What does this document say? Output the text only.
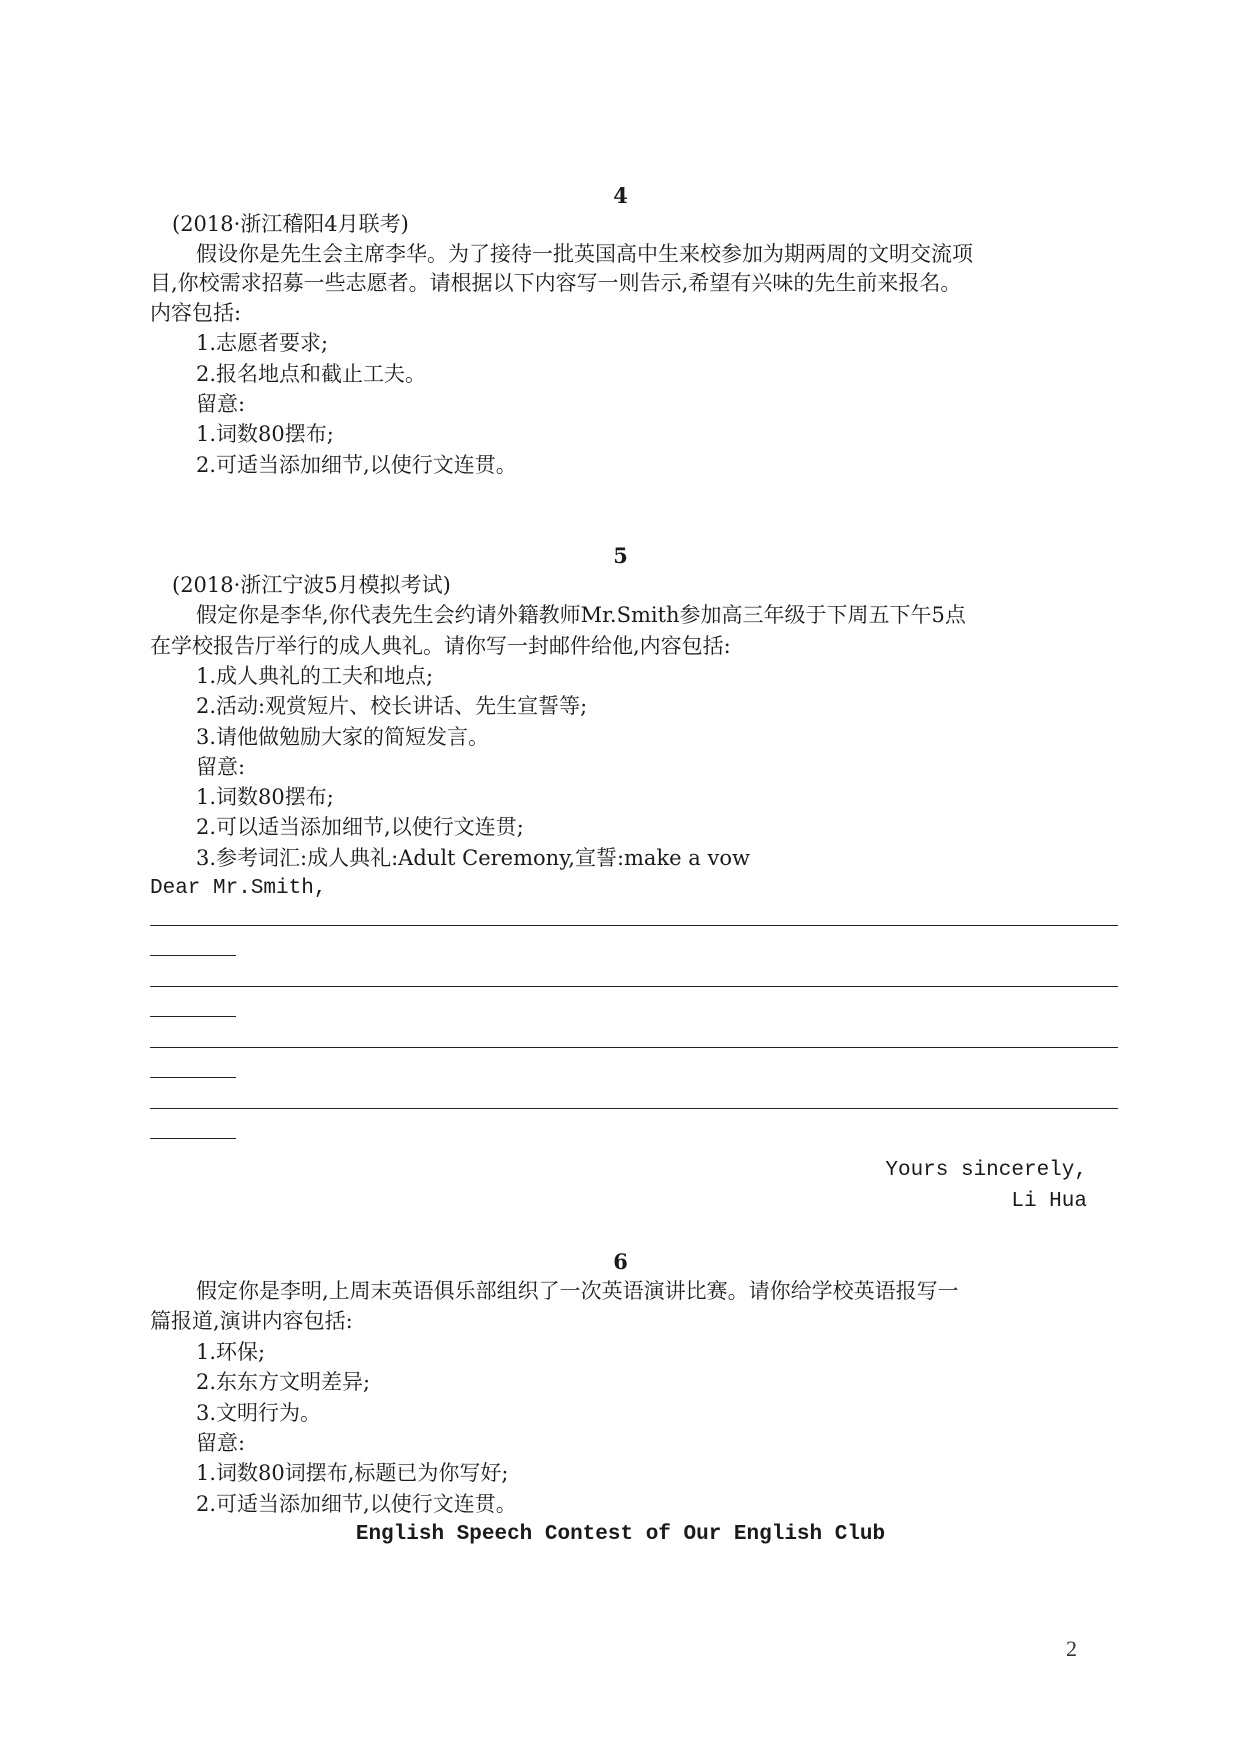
4
(2018·浙江稽阳4月联考)
假设你是先生会主席李华。为了接待一批英国高中生来校参加为期两周的文明交流项
目,你校需求招募一些志愿者。请根据以下内容写一则告示,希望有兴味的先生前来报名。
内容包括:
1.志愿者要求;
2.报名地点和截止工夫。
留意:
1.词数80摆布;
2.可适当添加细节,以使行文连贯。
5
(2018·浙江宁波5月模拟考试)
假定你是李华,你代表先生会约请外籍教师Mr.Smith参加高三年级于下周五下午5点
在学校报告厅举行的成人典礼。请你写一封邮件给他,内容包括:
1.成人典礼的工夫和地点;
2.活动:观赏短片、校长讲话、先生宣誓等;
3.请他做勉励大家的简短发言。
留意:
1.词数80摆布;
2.可以适当添加细节,以使行文连贯;
3.参考词汇:成人典礼:Adult Ceremony,宣誓:make a vow
Dear Mr.Smith,
Yours sincerely,
Li Hua
6
假定你是李明,上周末英语俱乐部组织了一次英语演讲比赛。请你给学校英语报写一
篇报道,演讲内容包括:
1.环保;
2.东东方文明差异;
3.文明行为。
留意:
1.词数80词摆布,标题已为你写好;
2.可适当添加细节,以使行文连贯。
English Speech Contest of Our English Club
2
